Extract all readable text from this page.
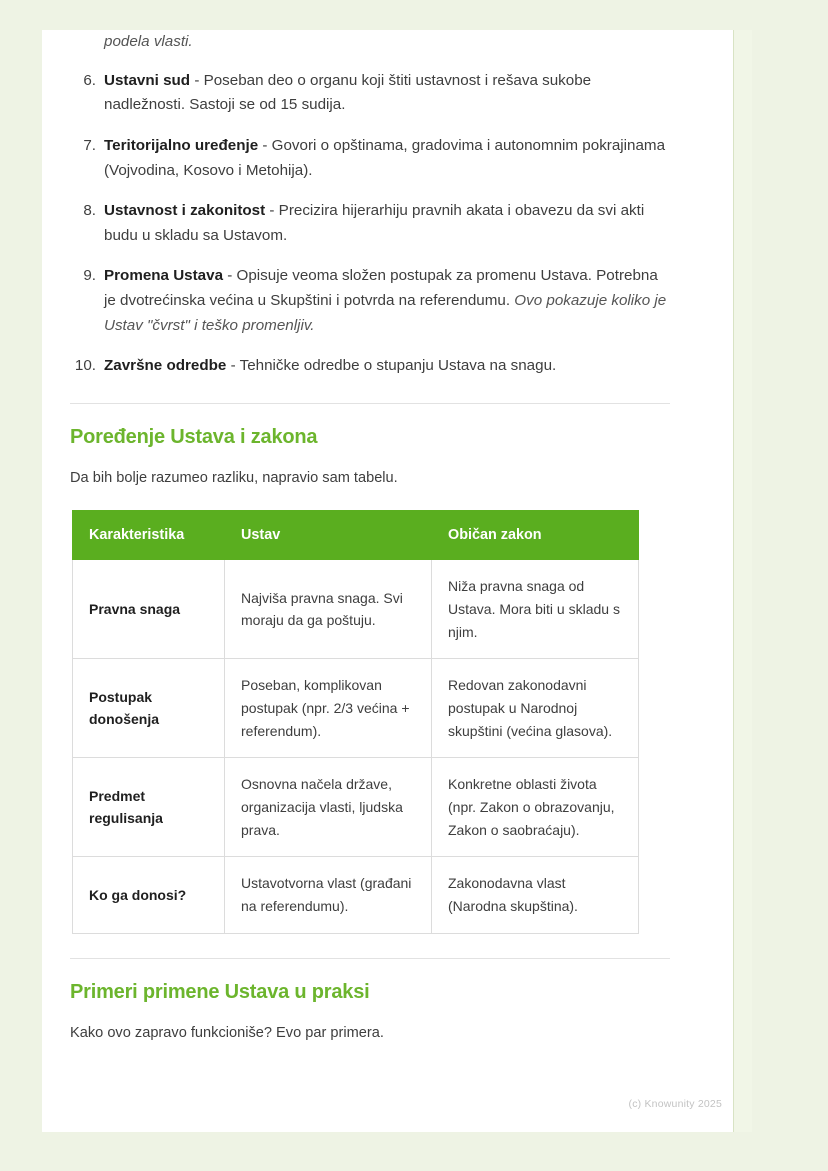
podela vlasti.

6. Ustavni sud - Poseban deo o organu koji štiti ustavnost i rešava sukobe nadležnosti. Sastoji se od 15 sudija.
7. Teritorijalno uređenje - Govori o opštinama, gradovima i autonomnim pokrajinama (Vojvodina, Kosovo i Metohija).
8. Ustavnost i zakonitost - Precizira hijerarhiju pravnih akata i obavezu da svi akti budu u skladu sa Ustavom.
9. Promena Ustava - Opisuje veoma složen postupak za promenu Ustava. Potrebna je dvotrećinska većina u Skupštini i potvrda na referendumu. Ovo pokazuje koliko je Ustav "čvrst" i teško promenljiv.
10. Završne odredbe - Tehničke odredbe o stupanju Ustava na snagu.
Poređenje Ustava i zakona

Da bih bolje razumeo razliku, napravio sam tabelu.

Karakteristika	Ustav	Običan zakon
Pravna snaga	Najviša pravna snaga. Svi moraju da ga poštuju.	Niža pravna snaga od Ustava. Mora biti u skladu s njim.
Postupak donošenja	Poseban, komplikovan postupak (npr. 2/3 većina + referendum).	Redovan zakonodavni postupak u Narodnoj skupštini (većina glasova).
Predmet regulisanja	Osnovna načela države, organizacija vlasti, ljudska prava.	Konkretne oblasti života (npr. Zakon o obrazovanju, Zakon o saobraćaju).
Ko ga donosi?	Ustavotvorna vlast (građani na referendumu).	Zakonodavna vlast (Narodna skupština).
Primeri primene Ustava u praksi

Kako ovo zapravo funkcioniše? Evo par primera.

(c) Knowunity 2025
